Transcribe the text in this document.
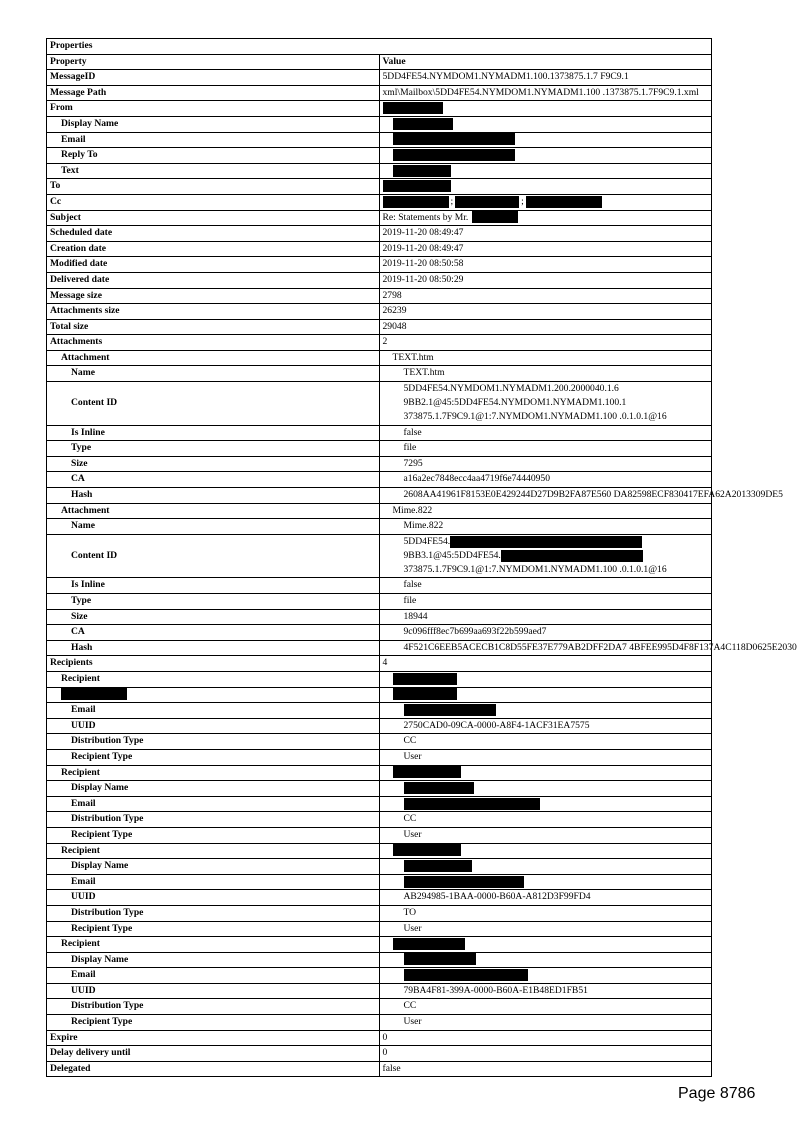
Properties	
Property	Value
MessageID	5DD4FE54.NYMDOM1.NYMADM1.100.1373875.1.7 F9C9.1
Message Path	xml\Mailbox\5DD4FE54.NYMDOM1.NYMADM1.100 .1373875.1.7F9C9.1.xml
From	
Display Name	
Email	
Reply To	
Text	
To	
Cc	; ;
Subject	Re: Statements by Mr.
Scheduled date	2019-11-20 08:49:47
Creation date	2019-11-20 08:49:47
Modified date	2019-11-20 08:50:58
Delivered date	2019-11-20 08:50:29
Message size	2798
Attachments size	26239
Total size	29048
Attachments	2
Attachment	TEXT.htm
Name	TEXT.htm
Content ID	5DD4FE54.NYMDOM1.NYMADM1.200.2000040.1.6
9BB2.1@45:5DD4FE54.NYMDOM1.NYMADM1.100.1
373875.1.7F9C9.1@1:7.NYMDOM1.NYMADM1.100 .0.1.0.1@16

Is Inline	false
Type	file
Size	7295
CA	a16a2ec7848ecc4aa4719f6e74440950
Hash	2608AA41961F8153E0E429244D27D9B2FA87E560 DA82598ECF830417EFA62A2013309DE5
Attachment	Mime.822
Name	Mime.822
Content ID	5DD4FE54.
9BB3.1@45:5DD4FE54.
373875.1.7F9C9.1@1:7.NYMDOM1.NYMADM1.100 .0.1.0.1@16

Is Inline	false
Type	file
Size	18944
CA	9c096fff8ec7b699aa693f22b599aed7
Hash	4F521C6EEB5ACECB1C8D55FE37E779AB2DFF2DA7 4BFEE995D4F8F137A4C118D0625E2030
Recipients	4
Recipient	

Email	
UUID	2750CAD0-09CA-0000-A8F4-1ACF31EA7575
Distribution Type	CC
Recipient Type	User
Recipient	
Display Name	
Email	
Distribution Type	CC
Recipient Type	User
Recipient	
Display Name	
Email	
UUID	AB294985-1BAA-0000-B60A-A812D3F99FD4
Distribution Type	TO
Recipient Type	User
Recipient	
Display Name	
Email	
UUID	79BA4F81-399A-0000-B60A-E1B48ED1FB51
Distribution Type	CC
Recipient Type	User
Expire	0
Delay delivery until	0
Delegated	false
Page 8786
